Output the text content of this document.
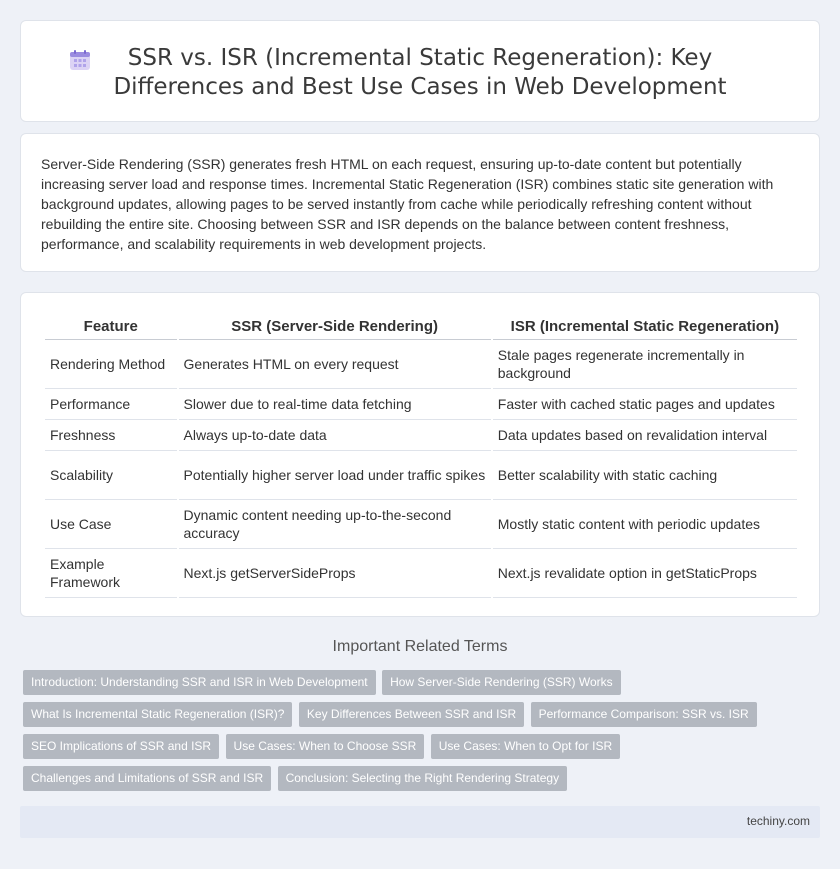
SSR vs. ISR (Incremental Static Regeneration): Key Differences and Best Use Cases in Web Development

Server-Side Rendering (SSR) generates fresh HTML on each request, ensuring up-to-date content but potentially increasing server load and response times. Incremental Static Regeneration (ISR) combines static site generation with background updates, allowing pages to be served instantly from cache while periodically refreshing content without rebuilding the entire site. Choosing between SSR and ISR depends on the balance between content freshness, performance, and scalability requirements in web development projects.

Feature	SSR (Server-Side Rendering)	ISR (Incremental Static Regeneration)
Rendering Method	Generates HTML on every request	Stale pages regenerate incrementally in background
Performance	Slower due to real-time data fetching	Faster with cached static pages and updates
Freshness	Always up-to-date data	Data updates based on revalidation interval
Scalability	Potentially higher server load under traffic spikes	Better scalability with static caching
Use Case	Dynamic content needing up-to-the-second accuracy	Mostly static content with periodic updates
Example Framework	Next.js getServerSideProps	Next.js revalidate option in getStaticProps
Important Related Terms
Introduction: Understanding SSR and ISR in Web Development How Server-Side Rendering (SSR) Works
What Is Incremental Static Regeneration (ISR)? Key Differences Between SSR and ISR Performance Comparison: SSR vs. ISR
SEO Implications of SSR and ISR Use Cases: When to Choose SSR Use Cases: When to Opt for ISR
Challenges and Limitations of SSR and ISR Conclusion: Selecting the Right Rendering Strategy
techiny.com
